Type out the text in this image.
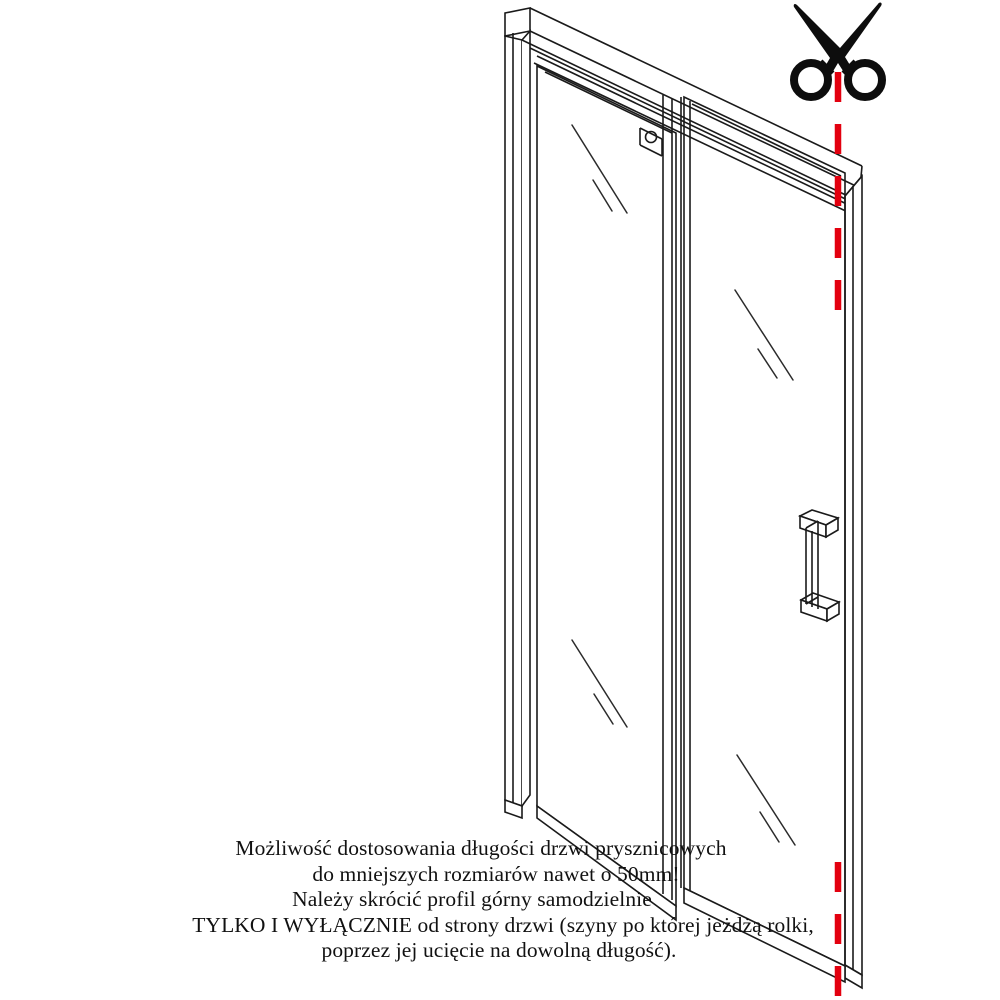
Możliwość dostosowania długości drzwi prysznicowych
do mniejszych rozmiarów nawet o 50mm!
Należy skrócić profil górny samodzielnie
TYLKO I WYŁĄCZNIE od strony drzwi (szyny po której jeżdżą rolki,
poprzez jej ucięcie na dowolną długość).
